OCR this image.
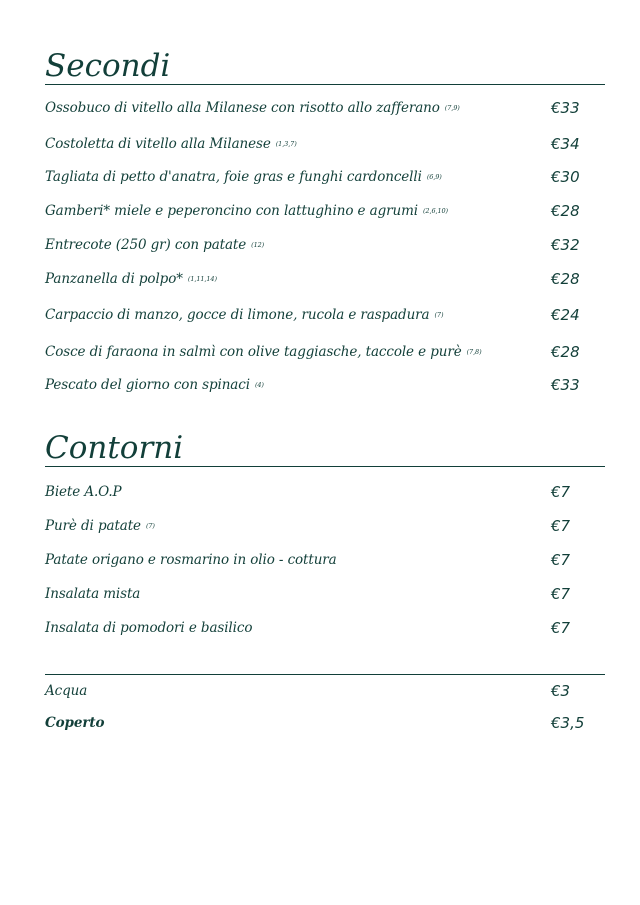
Secondi
Ossobuco di vitello alla Milanese con risotto allo zafferano (7,9)	€33
Costoletta di vitello alla Milanese (1,3,7)	€34
Tagliata di petto d'anatra, foie gras e funghi cardoncelli (6,9)	€30
Gamberi* miele e peperoncino con lattughino e agrumi (2,6,10)	€28
Entrecote (250 gr) con patate (12)	€32
Panzanella di polpo* (1,11,14)	€28
Carpaccio di manzo, gocce di limone, rucola e raspadura (7)	€24
Cosce di faraona in salmì con olive taggiasche, taccole e purè (7,8)	€28
Pescato del giorno con spinaci (4)	€33
Contorni
Biete A.O.P	€7
Purè di patate (7)	€7
Patate origano e rosmarino in olio - cottura	€7
Insalata mista	€7
Insalata di pomodori e basilico	€7
Acqua	€3
Coperto	€3,5
